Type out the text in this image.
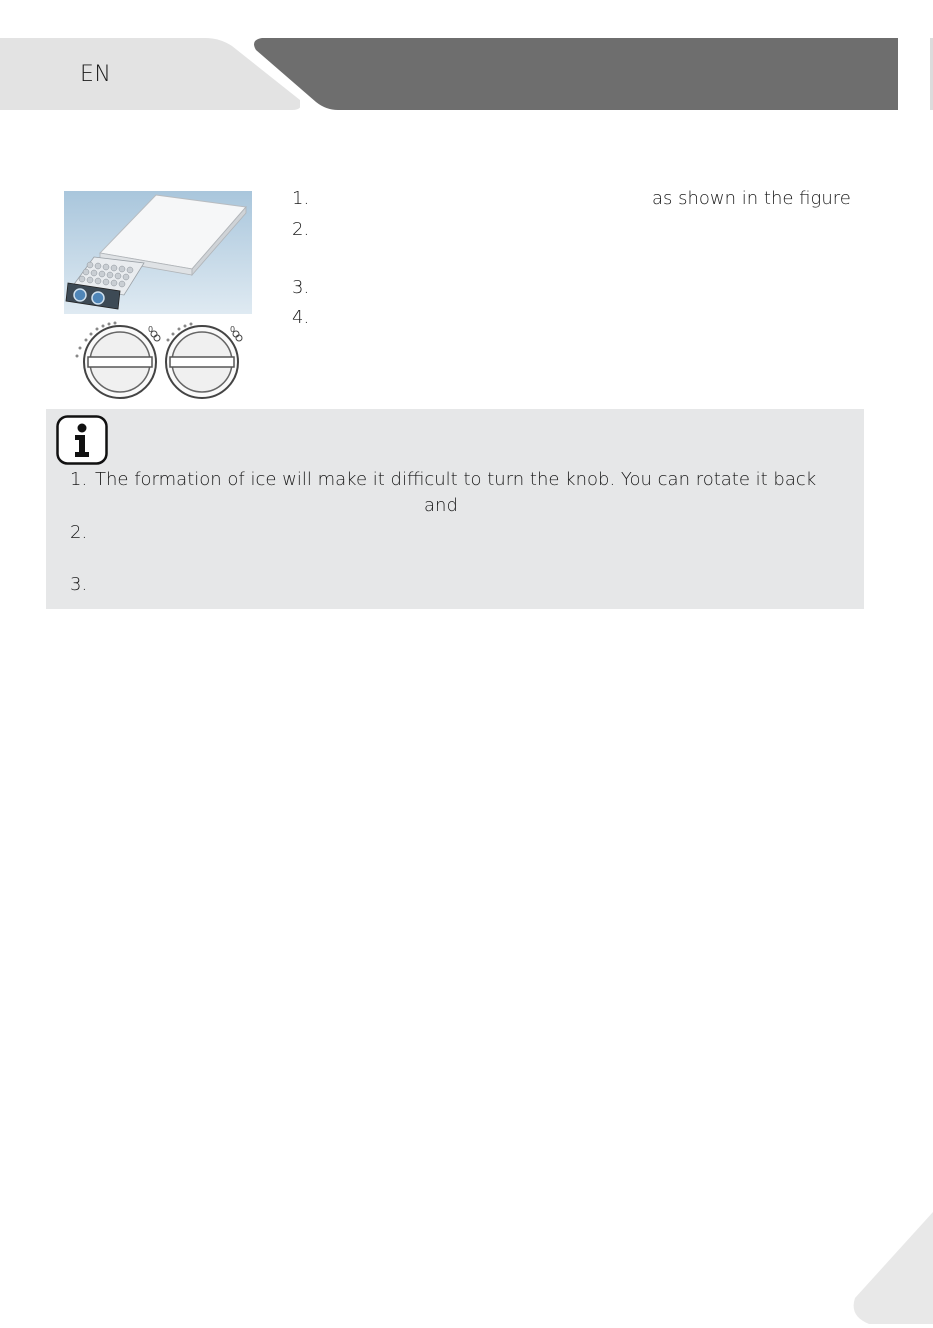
EN
0	0
1.	as shown in the figure
2.
3.
4.
1. The formation of ice will make it difficult to turn the knob. You can rotate it back
and
2.
3.
